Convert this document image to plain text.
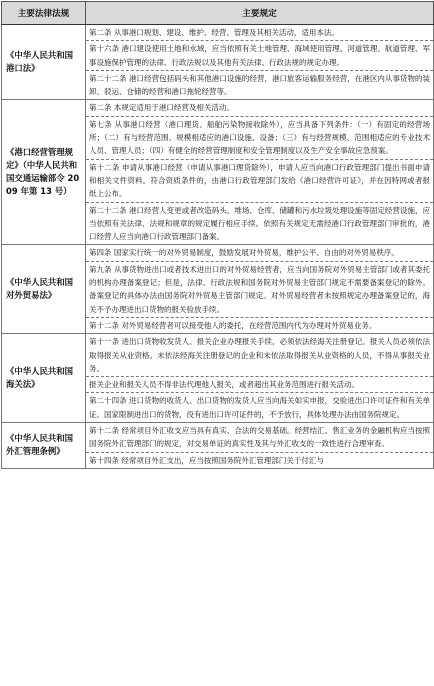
主要法律法规	主要规定
《中华人民共和国港口法》	第二条 从事港口规划、建设、维护、经营、管理及其相关活动，适用本法。
第十六条 港口建设使用土地和水域，应当依照有关土地管理、海域使用管理、河道管理、航道管理、军事设施保护管理的法律、行政法规以及其他有关法律、行政法规的规定办理。
第二十二条 港口经营包括码头和其他港口设施的经营，港口旅客运输服务经营，在港区内从事货物的装卸、驳运、仓储的经营和港口拖轮经营等。

《港口经营管理规定》（中华人民共和国交通运输部令 2009 年第 13 号）	第二条 本规定适用于港口经营及相关活动。
第七条 从事港口经营（港口理货、船舶污染物接收除外），应当具备下列条件：（一）有固定的经营场所；（二）有与经营范围、规模相适应的港口设施、设备；（三）有与经营规模、范围相适应的专业技术人员、管理人员；（四）有健全的经营管理制度和安全管理制度以及生产安全事故应急预案。
第十二条 申请从事港口经营（申请从事港口理货除外），申请人应当向港口行政管理部门提出书面申请和相关文件资料。符合资质条件的，由港口行政管理部门发给《港口经营许可证》，并在因特网或者报纸上公布。
第二十二条 港口经营人变更或者改造码头、堆场、仓库、储罐和污水垃圾处理设施等固定经营设施，应当依照有关法律、法规和规章的规定履行相应手续。依照有关规定无需经港口行政管理部门审批的，港口经营人应当向港口行政管理部门备案。

《中华人民共和国对外贸易法》	第四条 国家实行统一的对外贸易制度，鼓励发展对外贸易，维护公平、自由的对外贸易秩序。
第九条 从事货物进出口或者技术进出口的对外贸易经营者，应当向国务院对外贸易主管部门或者其委托的机构办理备案登记；但是，法律、行政法规和国务院对外贸易主管部门规定不需要备案登记的除外。备案登记的具体办法由国务院对外贸易主管部门规定。对外贸易经营者未按照规定办理备案登记的，海关不予办理进出口货物的报关验放手续。
第十二条 对外贸易经营者可以接受他人的委托，在经营范围内代为办理对外贸易业务。

《中华人民共和国海关法》	第十一条 进出口货物收发货人、报关企业办理报关手续，必须依法经海关注册登记。报关人员必须依法取得报关从业资格。未依法经海关注册登记的企业和未依法取得报关从业资格的人员，不得从事报关业务。
报关企业和报关人员不得非法代理他人报关，或者超出其业务范围进行报关活动。
第二十四条 进口货物的收货人、出口货物的发货人应当向海关如实申报，交验进出口许可证件和有关单证。国家限制进出口的货物，没有进出口许可证件的，不予放行，具体处理办法由国务院规定。

《中华人民共和国外汇管理条例》	第十二条 经常项目外汇收支应当具有真实、合法的交易基础。经营结汇、售汇业务的金融机构应当按照国务院外汇管理部门的规定，对交易单证的真实性及其与外汇收支的一致性进行合理审查。
第十四条 经常项目外汇支出，应当按照国务院外汇管理部门关于付汇与
